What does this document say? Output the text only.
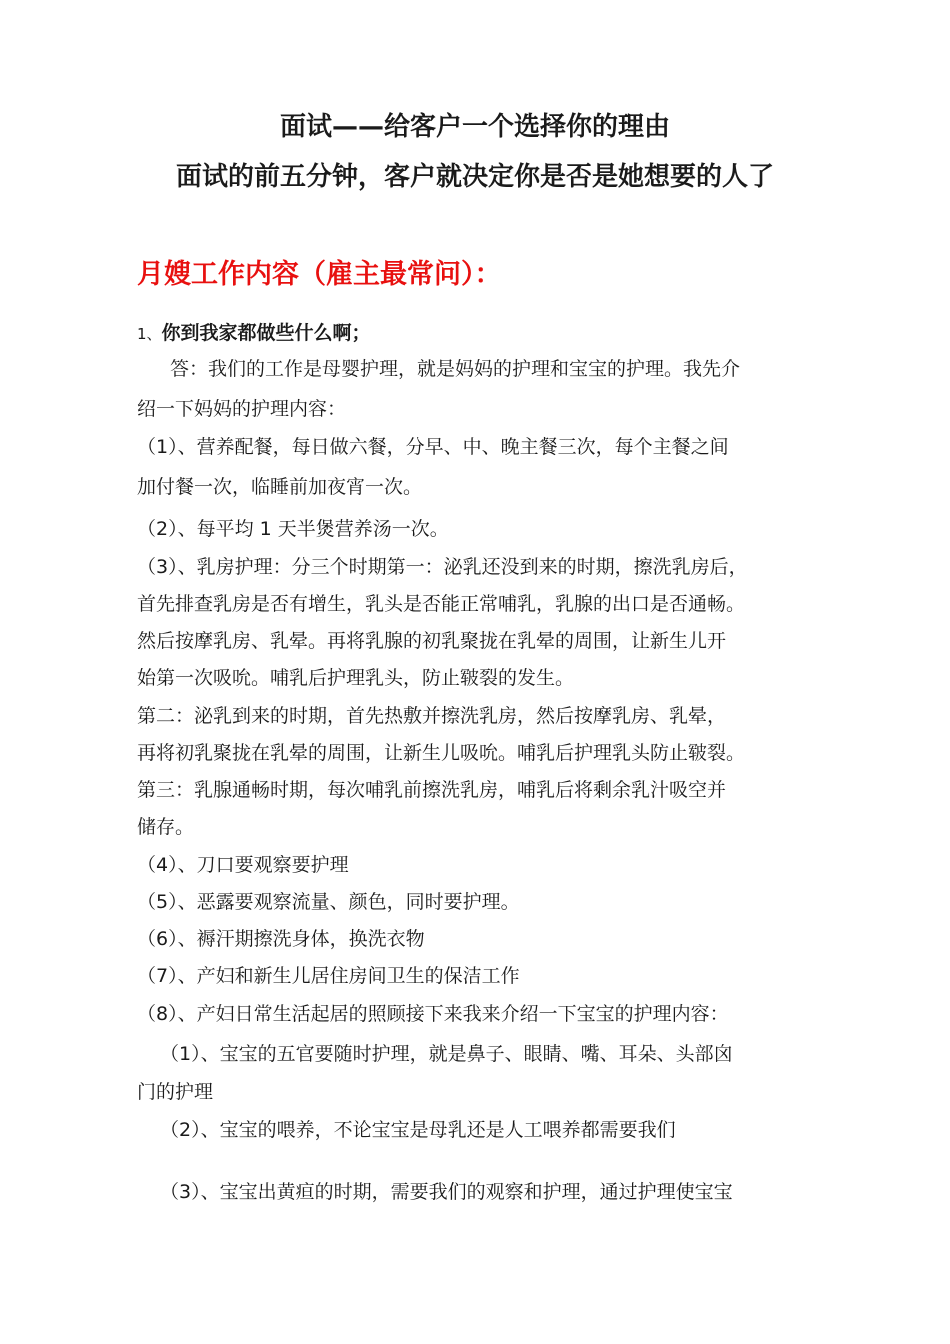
面试——给客户一个选择你的理由
面试的前五分钟，客户就决定你是否是她想要的人了
月嫂工作内容（雇主最常问）：
1、你到我家都做些什么啊；
答：我们的工作是母婴护理，就是妈妈的护理和宝宝的护理。我先介
绍一下妈妈的护理内容：
（1）、营养配餐，每日做六餐，分早、中、晚主餐三次，每个主餐之间
加付餐一次，临睡前加夜宵一次。
（2）、每平均 1 天半煲营养汤一次。
（3）、乳房护理：分三个时期第一：泌乳还没到来的时期，擦洗乳房后，
首先排查乳房是否有增生，乳头是否能正常哺乳，乳腺的出口是否通畅。
然后按摩乳房、乳晕。再将乳腺的初乳聚拢在乳晕的周围，让新生儿开
始第一次吸吮。哺乳后护理乳头，防止皲裂的发生。
第二：泌乳到来的时期，首先热敷并擦洗乳房，然后按摩乳房、乳晕，
再将初乳聚拢在乳晕的周围，让新生儿吸吮。哺乳后护理乳头防止皲裂。
第三：乳腺通畅时期，每次哺乳前擦洗乳房，哺乳后将剩余乳汁吸空并
储存。
（4）、刀口要观察要护理
（5）、恶露要观察流量、颜色，同时要护理。
（6）、褥汗期擦洗身体，换洗衣物
（7）、产妇和新生儿居住房间卫生的保洁工作
（8）、产妇日常生活起居的照顾接下来我来介绍一下宝宝的护理内容：
（1）、宝宝的五官要随时护理，就是鼻子、眼睛、嘴、耳朵、头部囟
门的护理
（2）、宝宝的喂养，不论宝宝是母乳还是人工喂养都需要我们
（3）、宝宝出黄疸的时期，需要我们的观察和护理，通过护理使宝宝
